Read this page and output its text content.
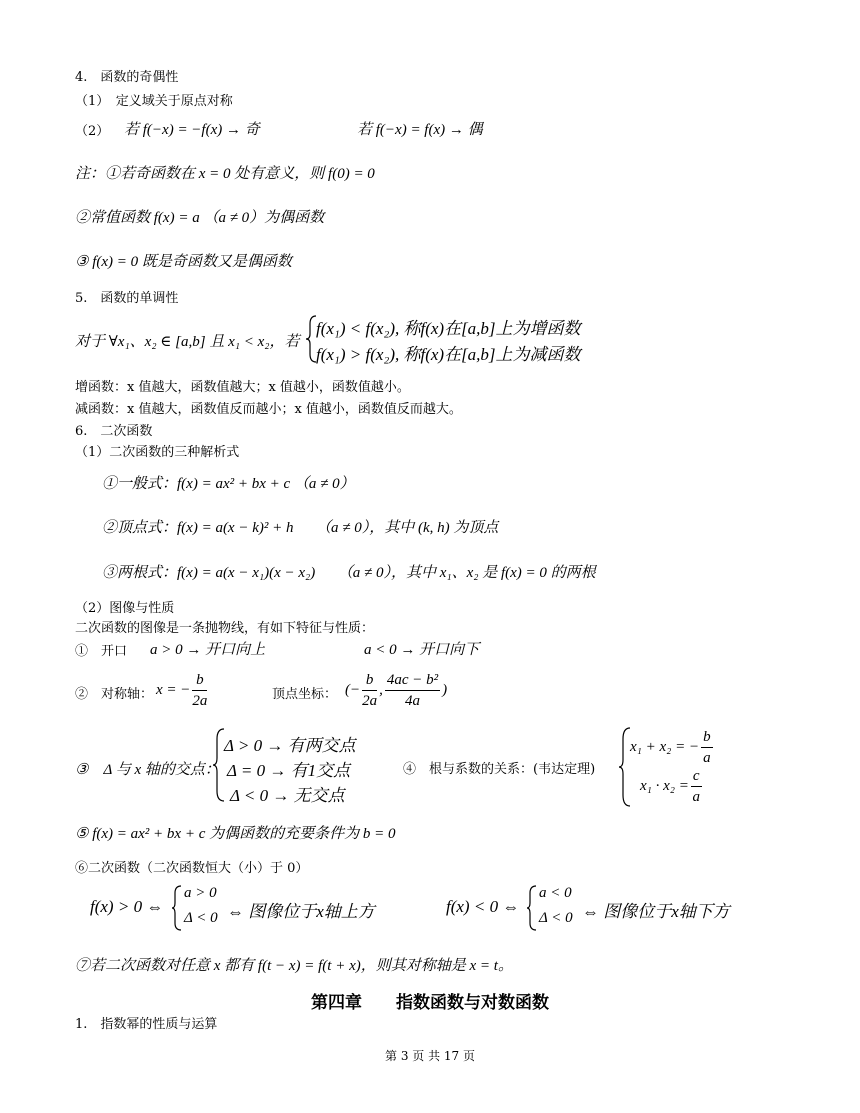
4.　函数的奇偶性
（1）　定义域关于原点对称
（2） 若 f(−x) = −f(x) → 奇	若 f(−x) = f(x) → 偶
注：①若奇函数在 x = 0 处有意义，则 f(0) = 0
②常值函数 f(x) = a （a ≠ 0）为偶函数
③ f(x) = 0 既是奇函数又是偶函数
5.　函数的单调性
对于 ∀x₁、x₂ ∈ [a,b] 且 x₁ < x₂，若
f(x₁) < f(x₂), 称f(x)在[a,b]上为增函数
f(x₁) > f(x₂), 称f(x)在[a,b]上为减函数
增函数：x 值越大，函数值越大；x 值越小，函数值越小。
减函数：x 值越大，函数值反而越小；x 值越小，函数值反而越大。
6.　二次函数
（1）二次函数的三种解析式
①一般式：f(x) = ax² + bx + c （a ≠ 0）
②顶点式：f(x) = a(x − k)² + h　　（a ≠ 0），其中 (k, h) 为顶点
③两根式：f(x) = a(x − x₁)(x − x₂)　　（a ≠ 0），其中 x₁、x₂ 是 f(x) = 0 的两根
（2）图像与性质
二次函数的图像是一条抛物线，有如下特征与性质：
①　开口 a > 0 → 开口向上	a < 0 → 开口向下
②　对称轴： x = − $\frac{b}{2a}$	顶点坐标： (− $\frac{b}{2a}$ , $\frac{\text{4ac − b²}}{4a}$ )
③　Δ 与 x 轴的交点：
Δ > 0 → 有两交点
Δ = 0 → 有1交点
Δ < 0 → 无交点
④　根与系数的关系：(韦达定理)
x₁ + x₂ = − $\frac{b}{a}$
$x_1 \cdot x_2 = \frac{c}{a}$
⑤ f(x) = ax² + bx + c 为偶函数的充要条件为 b = 0
⑥二次函数（二次函数恒大（小）于 0）
f(x) > 0 ⇔
a > 0
Δ < 0 ⇔ 图像位于x轴上方	f(x) < 0 ⇔
a < 0
Δ < 0 ⇔ 图像位于x轴下方
⑦若二次函数对任意 x 都有 f(t − x) = f(t + x)，则其对称轴是 x = t。
第四章　　指数函数与对数函数
1.　指数幂的性质与运算
第 3 页 共 17 页
